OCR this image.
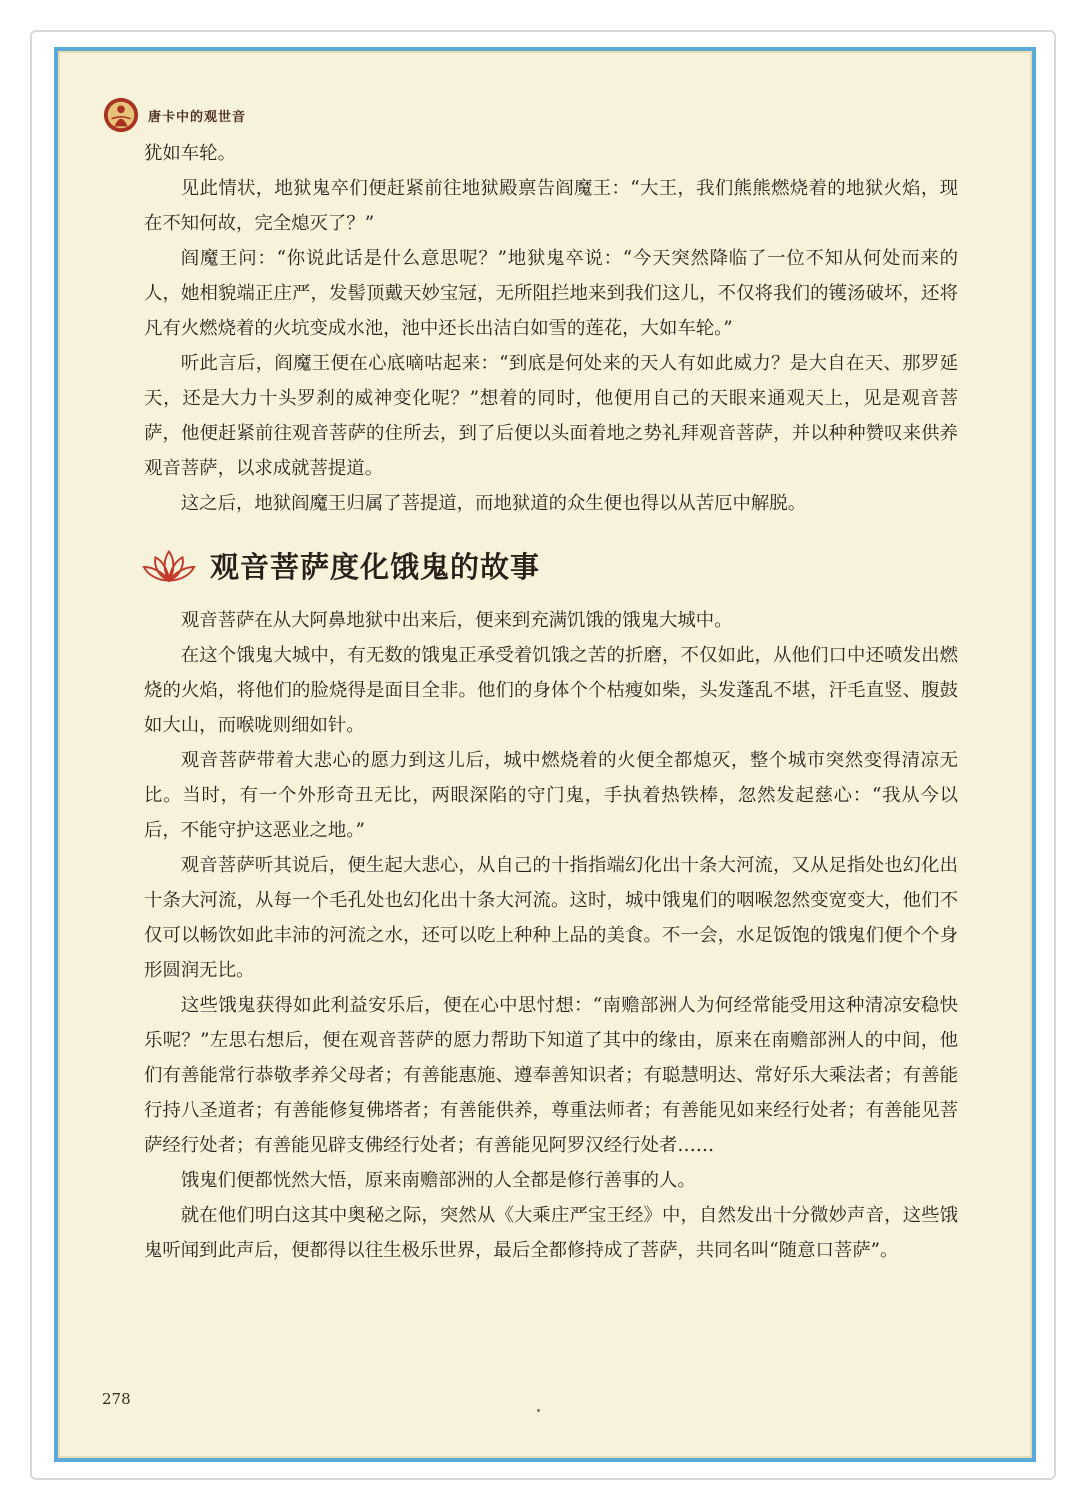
唐卡中的观世音

犹如车轮。

见此情状，地狱鬼卒们便赶紧前往地狱殿禀告阎魔王：“大王，我们熊熊燃烧着的地狱火焰，现在不知何故，完全熄灭了？”

阎魔王问：“你说此话是什么意思呢？”地狱鬼卒说：“今天突然降临了一位不知从何处而来的人，她相貌端正庄严，发髻顶戴天妙宝冠，无所阻拦地来到我们这儿，不仅将我们的镬汤破坏，还将凡有火燃烧着的火坑变成水池，池中还长出洁白如雪的莲花，大如车轮。”

听此言后，阎魔王便在心底嘀咕起来：“到底是何处来的天人有如此威力？是大自在天、那罗延天，还是大力十头罗刹的威神变化呢？”想着的同时，他便用自己的天眼来通观天上，见是观音菩萨，他便赶紧前往观音菩萨的住所去，到了后便以头面着地之势礼拜观音菩萨，并以种种赞叹来供养观音菩萨，以求成就菩提道。

这之后，地狱阎魔王归属了菩提道，而地狱道的众生便也得以从苦厄中解脱。

观音菩萨度化饿鬼的故事

观音菩萨在从大阿鼻地狱中出来后，便来到充满饥饿的饿鬼大城中。

在这个饿鬼大城中，有无数的饿鬼正承受着饥饿之苦的折磨，不仅如此，从他们口中还喷发出燃烧的火焰，将他们的脸烧得是面目全非。他们的身体个个枯瘦如柴，头发蓬乱不堪，汗毛直竖、腹鼓如大山，而喉咙则细如针。

观音菩萨带着大悲心的愿力到这儿后，城中燃烧着的火便全都熄灭，整个城市突然变得清凉无比。当时，有一个外形奇丑无比，两眼深陷的守门鬼，手执着热铁棒，忽然发起慈心：“我从今以后，不能守护这恶业之地。”

观音菩萨听其说后，便生起大悲心，从自己的十指指端幻化出十条大河流，又从足指处也幻化出十条大河流，从每一个毛孔处也幻化出十条大河流。这时，城中饿鬼们的咽喉忽然变宽变大，他们不仅可以畅饮如此丰沛的河流之水，还可以吃上种种上品的美食。不一会，水足饭饱的饿鬼们便个个身形圆润无比。

这些饿鬼获得如此利益安乐后，便在心中思忖想：“南赡部洲人为何经常能受用这种清凉安稳快乐呢？”左思右想后，便在观音菩萨的愿力帮助下知道了其中的缘由，原来在南赡部洲人的中间，他们有善能常行恭敬孝养父母者；有善能惠施、遵奉善知识者；有聪慧明达、常好乐大乘法者；有善能行持八圣道者；有善能修复佛塔者；有善能供养，尊重法师者；有善能见如来经行处者；有善能见菩萨经行处者；有善能见辟支佛经行处者；有善能见阿罗汉经行处者……

饿鬼们便都恍然大悟，原来南赡部洲的人全都是修行善事的人。

就在他们明白这其中奥秘之际，突然从《大乘庄严宝王经》中，自然发出十分微妙声音，这些饿鬼听闻到此声后，便都得以往生极乐世界，最后全都修持成了菩萨，共同名叫“随意口菩萨”。

278
